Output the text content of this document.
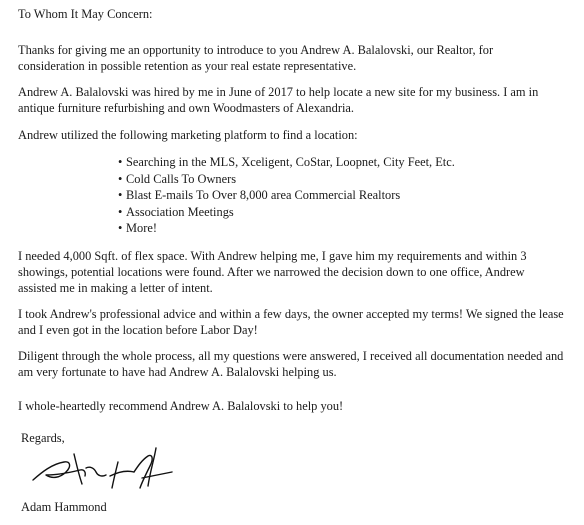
To Whom It May Concern:

Thanks for giving me an opportunity to introduce to you Andrew A. Balalovski, our Realtor, for

consideration in possible retention as your real estate representative.

Andrew A. Balalovski was hired by me in June of 2017 to help locate a new site for my business. I am in

antique furniture refurbishing and own Woodmasters of Alexandria.

Andrew utilized the following marketing platform to find a location:

• Searching in the MLS, Xceligent, CoStar, Loopnet, City Feet, Etc.
• Cold Calls To Owners
• Blast E-mails To Over 8,000 area Commercial Realtors
• Association Meetings
• More!

I needed 4,000 Sqft. of flex space. With Andrew helping me, I gave him my requirements and within 3

showings, potential locations were found. After we narrowed the decision down to one office, Andrew

assisted me in making a letter of intent.

I took Andrew's professional advice and within a few days, the owner accepted my terms! We signed the lease

and I even got in the location before Labor Day!

Diligent through the whole process, all my questions were answered, I received all documentation needed and

am very fortunate to have had Andrew A. Balalovski helping us.

I whole-heartedly recommend Andrew A. Balalovski to help you!

Regards,

Adam Hammond
